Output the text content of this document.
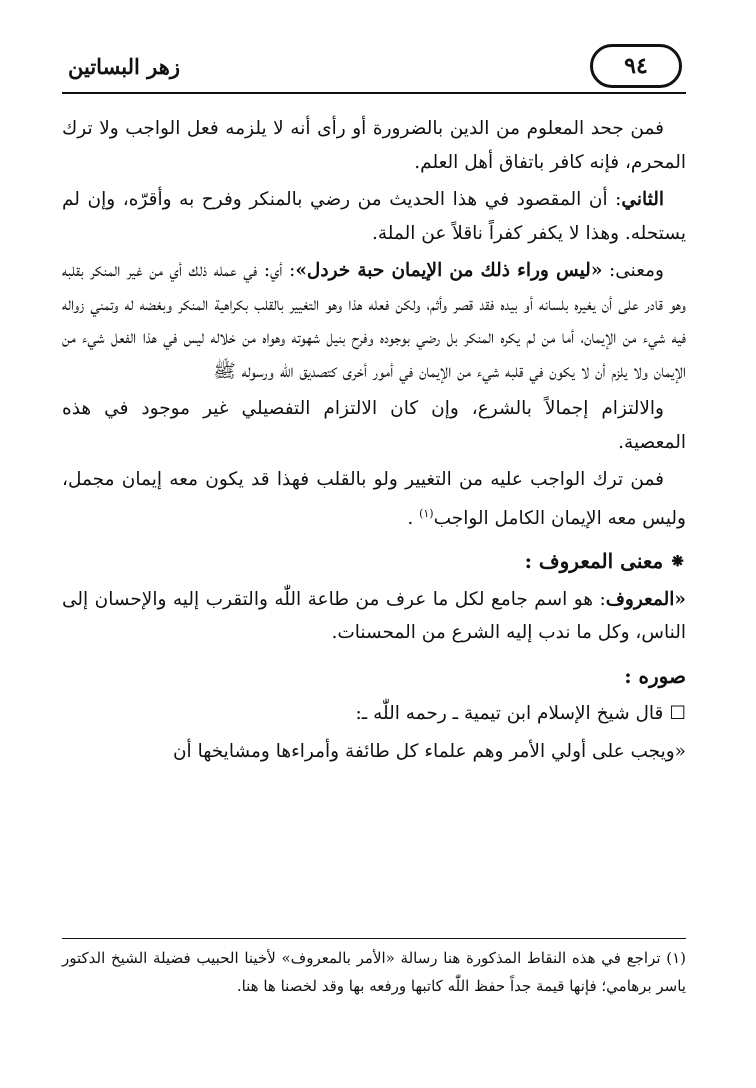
زهر البساتين	٩٤

فمن جحد المعلوم من الدين بالضرورة أو رأى أنه لا يلزمه فعل الواجب ولا ترك المحرم، فإنه كافر باتفاق أهل العلم.

الثاني: أن المقصود في هذا الحديث من رضي بالمنكر وفرح به وأقرّه، وإن لم يستحله. وهذا لا يكفر كفراً ناقلاً عن الملة.

ومعنى: «ليس وراء ذلك من الإيمان حبة خردل»: أي: في عمله ذلك أي من غير المنكر بقلبه وهو قادر على أن يغيره بلسانه أو بيده فقد قصر وأثم، ولكن فعله هذا وهو التغيير بالقلب بكراهية المنكر وبغضه له وتمني زواله فيه شيء من الإيمان، أما من لم يكره المنكر بل رضي بوجوده وفرح بنيل شهوته وهواه من خلاله ليس في هذا الفعل شيء من الإيمان ولا يلزم أن لا يكون في قلبه شيء من الإيمان في أمور أخرى كتصديق اللّٰه ورسوله ﷺ

والالتزام إجمالاً بالشرع، وإن كان الالتزام التفصيلي غير موجود في هذه المعصية.

فمن ترك الواجب عليه من التغيير ولو بالقلب فهذا قد يكون معه إيمان مجمل، وليس معه الإيمان الكامل الواجب$^{(١)}$ .

⁕معنى المعروف :

«المعروف: هو اسم جامع لكل ما عرف من طاعة اللّٰه والتقرب إليه والإحسان إلى الناس، وكل ما ندب إليه الشرع من المحسنات.

صوره :

☐قال شيخ الإسلام ابن تيمية ـ رحمه اللّٰه ـ:

«ويجب على أولي الأمر وهم علماء كل طائفة وأمراءها ومشايخها أن

(١) تراجع في هذه النقاط المذكورة هنا رسالة «الأمر بالمعروف» لأخينا الحبيب فضيلة الشيخ الدكتور ياسر برهامي؛ فإنها قيمة جداً حفظ اللّٰه كاتبها ورفعه بها وقد لخصنا ها هنا.
